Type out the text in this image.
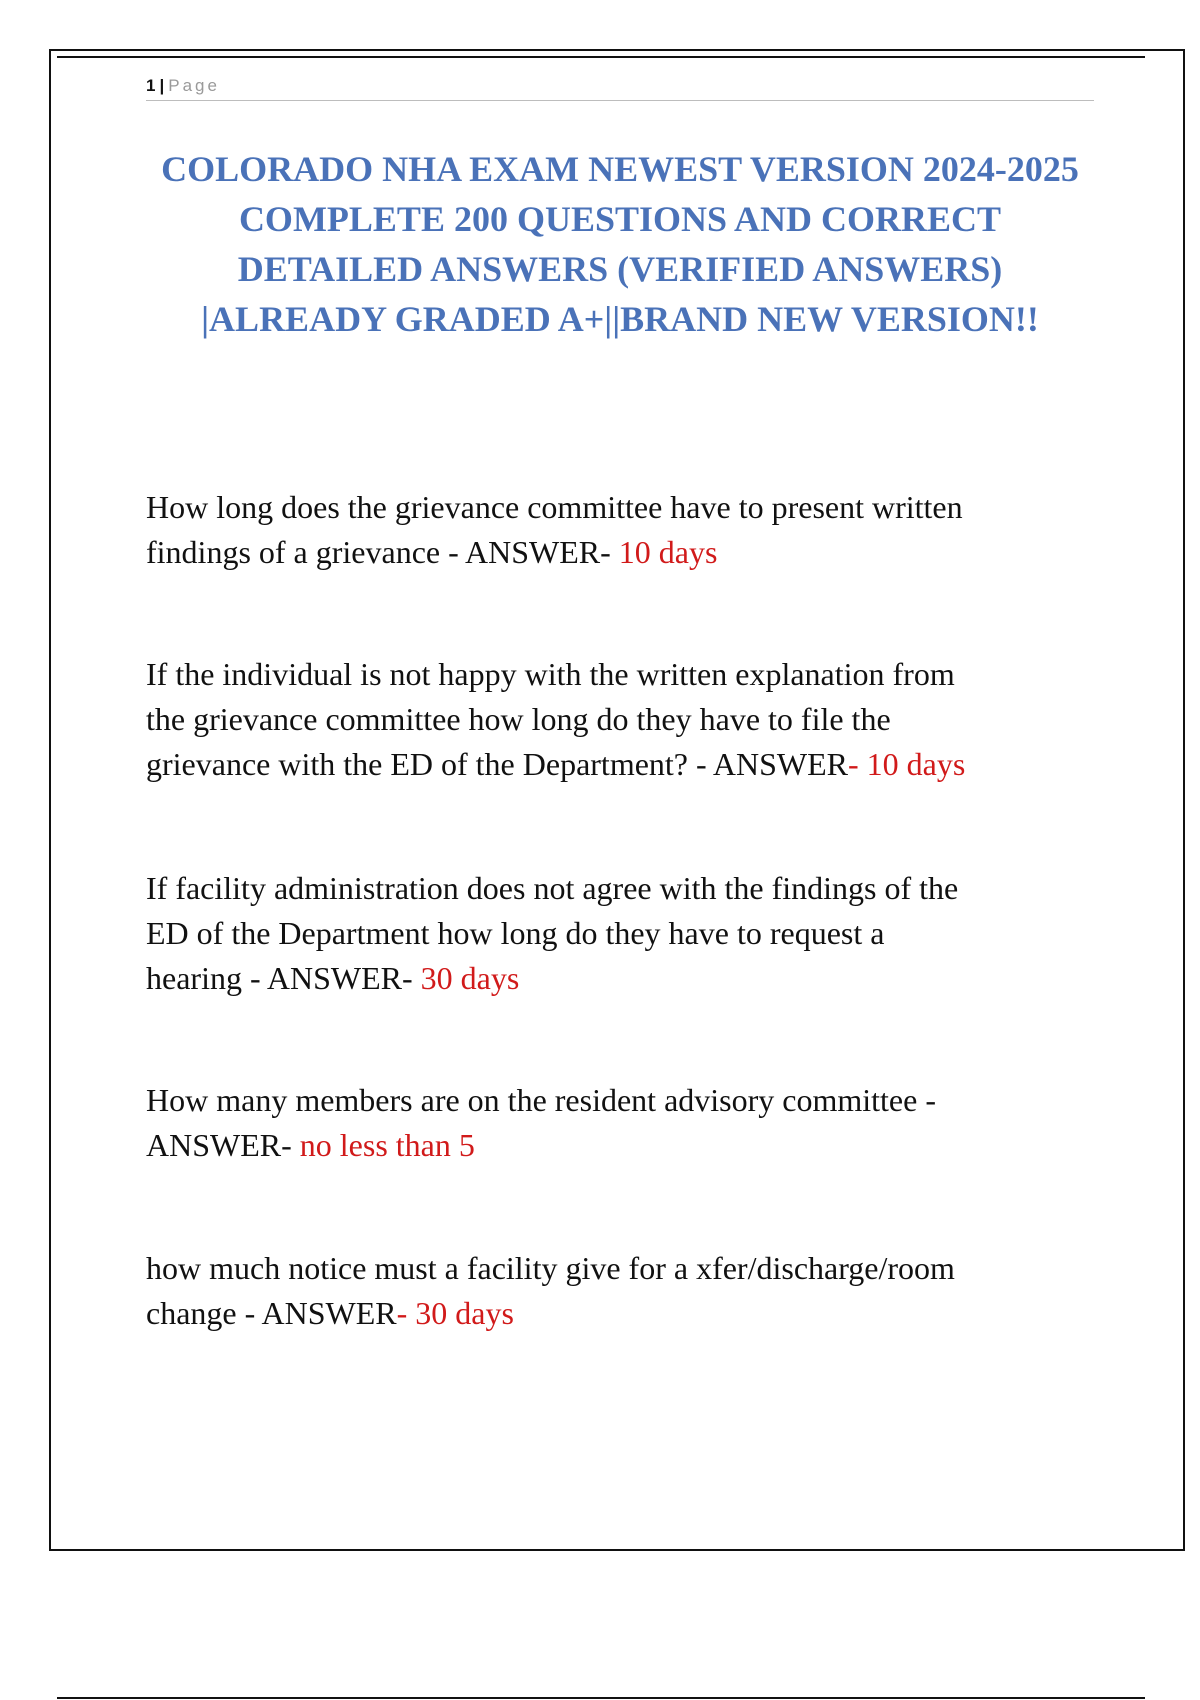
1 | Page
COLORADO NHA EXAM NEWEST VERSION 2024-2025
COMPLETE 200 QUESTIONS AND CORRECT
DETAILED ANSWERS (VERIFIED ANSWERS)
|ALREADY GRADED A+||BRAND NEW VERSION!!
How long does the grievance committee have to present written
findings of a grievance - ANSWER- 10 days
If the individual is not happy with the written explanation from
the grievance committee how long do they have to file the
grievance with the ED of the Department? - ANSWER- 10 days
If facility administration does not agree with the findings of the
ED of the Department how long do they have to request a
hearing - ANSWER- 30 days
How many members are on the resident advisory committee -
ANSWER- no less than 5
how much notice must a facility give for a xfer/discharge/room
change - ANSWER- 30 days
